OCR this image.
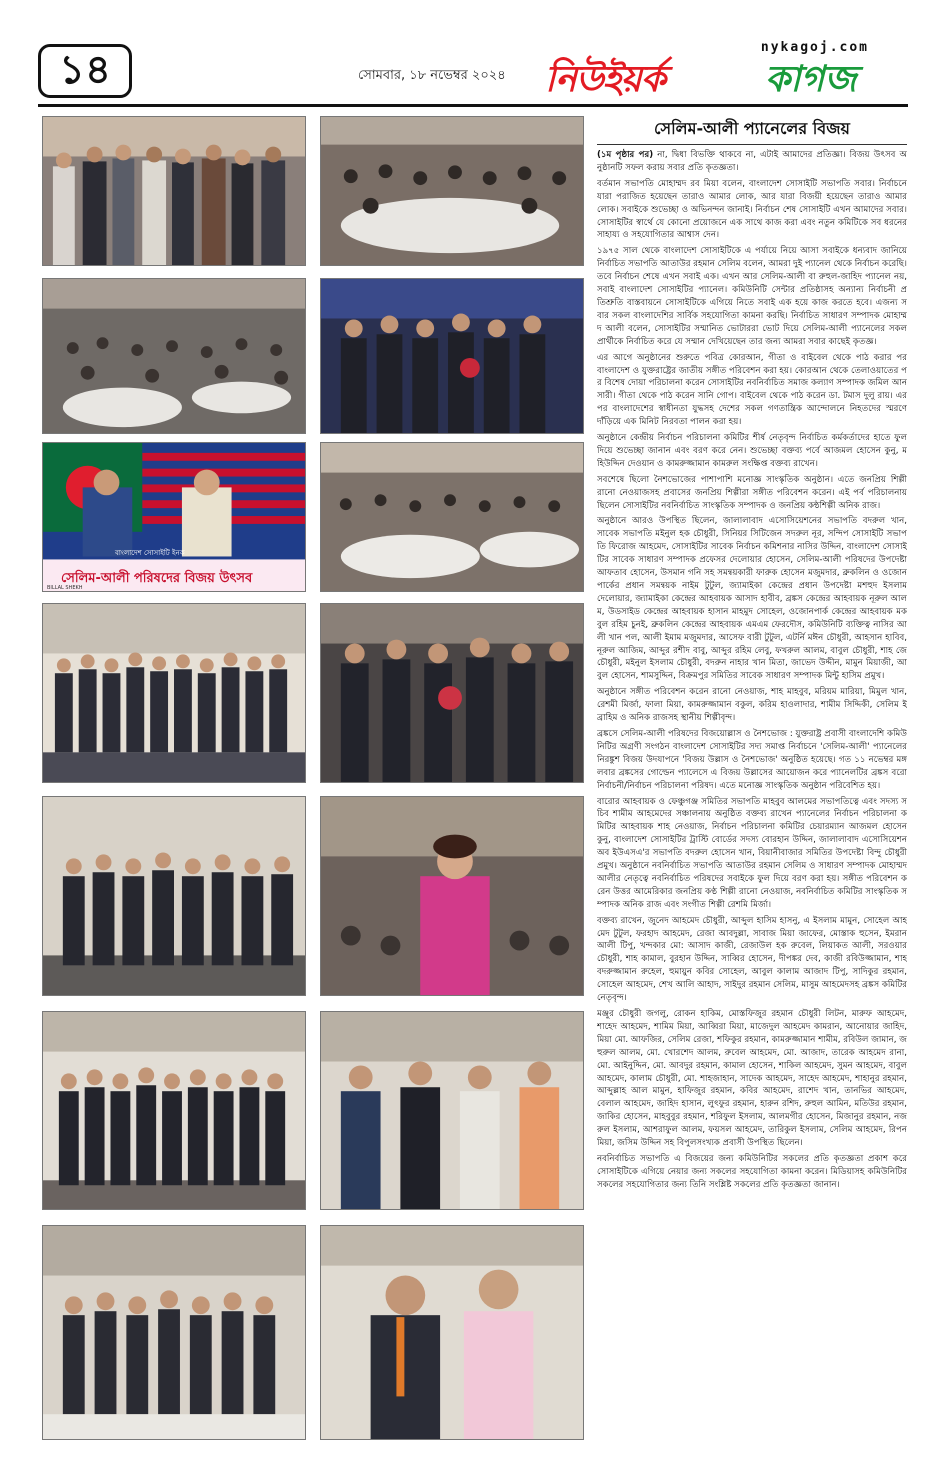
১৪	সোমবার, ১৮ নভেম্বর ২০২৪ নিউইয়র্ক	কাগজ
nykagoj.com
বাংলাদেশ সোসাইটি ইনক
সেলিম-আলী পরিষদের বিজয় উৎসব
BILLAL SHEKH
সেলিম-আলী প্যানেলের বিজয়

(১ম পৃষ্ঠার পর) না, দ্বিধা বিভক্তি থাকবে না, এটাই আমাদের প্রতিজ্ঞা। বিজয় উৎসব অনুষ্ঠানটি সফল করায় সবার প্রতি কৃতজ্ঞতা।

বর্তমান সভাপতি মোহাম্মদ রব মিয়া বলেন, বাংলাদেশ সোসাইটি সভাপতি সবার। নির্বাচনে যারা পরাজিত হয়েছেন তারাও আমার লোক, আর যারা বিজয়ী হয়েছেন তারাও আমার লোক। সবাইকে শুভেচ্ছা ও অভিনন্দন জানাই। নির্বাচন শেষ সোসাইটি এখন আমাদের সবার। সোসাইটির স্বার্থে যে কোনো প্রয়োজনে এক সাথে কাজ করা এবং নতুন কমিটিকে সব ধরনের সাহায্য ও সহযোগিতার আশ্বাস দেন।

১৯৭৫ সাল থেকে বাংলাদেশ সোসাইটিকে এ পর্যায়ে নিয়ে আসা সবাইকে ধন্যবাদ জানিয়ে নির্বাচিত সভাপতি আতাউর রহমান সেলিম বলেন, আমরা দুই প্যানেল থেকে নির্বাচন করেছি। তবে নির্বাচন শেষে এখন সবাই এক। এখন আর সেলিম-আলী বা রুহুল-জাহিদ প্যানেল নয়, সবাই বাংলাদেশ সোসাইটির প্যানেল। কমিউনিটি সেন্টার প্রতিষ্ঠাসহ অন্যান্য নির্বাচনী প্রতিশ্রুতি বাস্তবায়নে সোসাইটিকে এগিয়ে নিতে সবাই এক হয়ে কাজ করতে হবে। এজন্য সবার সকল বাংলাদেশির সার্বিক সহযোগিতা কামনা করছি। নির্বাচিত সাধারণ সম্পাদক মোহাম্মদ আলী বলেন, সোসাইটির সম্মানিত ভোটাররা ভোট দিয়ে সেলিম-আলী প্যানেলের সকল প্রার্থীকে নির্বাচিত করে যে সম্মান দেখিয়েছেন তার জন্য আমরা সবার কাছেই কৃতজ্ঞ।

এর আগে অনুষ্ঠানের শুরুতে পবিত্র কোরআন, গীতা ও বাইবেল থেকে পাঠ করার পর বাংলাদেশ ও যুক্তরাষ্ট্রের জাতীয় সঙ্গীত পরিবেশন করা হয়। কোরআন থেকে তেলাওয়াতের পর বিশেষ দোয়া পরিচালনা করেন সোসাইটির নবনির্বাচিত সমাজ কল্যাণ সম্পাদক জমিল আনসারী। গীতা থেকে পাঠ করেন সানি গোপ। বাইবেল থেকে পাঠ করেন ডা. টমাস দুলু রায়। এরপর বাংলাদেশের স্বাধীনতা যুদ্ধসহ দেশের সকল গণতান্ত্রিক আন্দোলনে নিহতদের স্মরণে দাঁড়িয়ে এক মিনিট নিরবতা পালন করা হয়।

অনুষ্ঠানে কেন্দ্রীয় নির্বাচন পরিচালনা কমিটির শীর্ষ নেতৃবৃন্দ নির্বাচিত কর্মকর্তাদের হাতে ফুল দিয়ে শুভেচ্ছা জানান এবং বরণ করে নেন। শুভেচ্ছা বক্তব্য পর্বে আজমল হোসেন কুনু, মহিউদ্দিন দেওয়ান ও কামরুজ্জামান কামরুল সংক্ষিপ্ত বক্তব্য রাখেন।

সবশেষে ছিলো নৈশভোজের পাশাপাশি মনোজ্ঞ সাংস্কৃতিক অনুষ্ঠান। এতে জনপ্রিয় শিল্পী রানো নেওয়াজসহ প্রবাসের জনপ্রিয় শিল্পীরা সঙ্গীত পরিবেশন করেন। এই পর্ব পরিচালনায় ছিলেন সোসাইটির নবনির্বাচিত সাংস্কৃতিক সম্পাদক ও জনপ্রিয় কন্ঠশিল্পী অনিক রাজ।

অনুষ্ঠানে আরও উপস্থিত ছিলেন, জালালাবাদ এসোসিয়েশনের সভাপতি বদরুল খান, সাবেক সভাপতি মইনুল হক চৌধুরী, সিনিয়র সিটিজেন সদরুল নূর, সন্দিপ সোসাইটি সভাপতি ফিরোজ আহমেদ, সোসাইটির সাবেক নির্বাচন কমিশনার নাসির উদ্দিন, বাংলাদেশ সোসাইটির সাবেক সাধারণ সম্পাদক প্রফেসর দেলোয়ার হোসেন, সেলিম-আলী পরিষদের উপদেষ্টা আফতাব হোসেন, উসমান গনি সহ সমন্বয়কারী ফারুক হোসেন মজুমদার, ব্রুকলিন ও ওজোন পার্কের প্রধান সমন্বয়ক নাইম টুটুল, জ্যামাইকা কেন্দ্রের প্রধান উপদেষ্টা মশহুদ ইসলাম দেলোয়ার, জ্যামাইকা কেন্দ্রের আহবায়ক আসাদ হাবীব, ব্রঙ্কস কেন্দ্রের আহবায়ক নূরুল আলম, উডসাইড কেন্দ্রের আহবায়ক হাসান মাহমুদ সোহেল, ওজোনপার্ক কেন্দ্রের আহবায়ক মকবুল রহিম চুনই, ব্রুকলিন কেন্দ্রের আহবায়ক এমএম ফেরদৌস, কমিউনিটি ব্যক্তিত্ব নাসির আলী খান পল, আলী ইমাম মজুমদার, আসেফ বারী টুটুল, এটর্নি মঈন চৌধুরী, আহসান হাবিব, নূরুল আজিম, আব্দুর রশীদ বাবু, আব্দুর রহিম লেবু, ফখরুল আলম, বাবুল চৌধুরী, শাহ জে চৌধুরী, মইনুল ইসলাম চৌধুরী, বদরুন নাহার খান মিতা, জাভেদ উদ্দীন, মামুন মিয়াজী, আবুল হোসেন, শামসুদ্দিন, বিক্রমপুর সমিতির সাবেক সাধারণ সম্পাদক মিন্টু হাসিম প্রমুখ।

অনুষ্ঠানে সঙ্গীত পরিবেশন করেন রানো নেওয়াজ, শাহ মাহবুব, মরিয়ম মারিয়া, মিমুল খান, রেশমী মির্জা, ফালা মিয়া, কামরুজ্জামান বকুল, করিম হাওলাদার, শামীম সিদ্দিকী, সেলিম ইব্রাহিম ও অনিক রাজসহ স্থানীয় শিল্পীবৃন্দ।

ব্রঙ্কসে সেলিম-আলী পরিষদের বিজয়োল্লাস ও নৈশভোজ : যুক্তরাষ্ট্র প্রবাসী বাংলাদেশি কমিউনিটির অগ্রণী সংগঠন বাংলাদেশ সোসাইটির সদ্য সমাপ্ত নির্বাচনে 'সেলিম-আলী' প্যানেলের নিরঙ্কুশ বিজয় উদযাপনে 'বিজয় উল্লাস ও নৈশভোজ' অনুষ্ঠিত হয়েছে। গত ১১ নভেম্বর মঙ্গলবার ব্রঙ্কসের গোল্ডেন প্যালেসে এ বিজয় উল্লাসের আয়োজন করে প্যানেলটির ব্রঙ্কস বরো নির্বাচনী/নির্বাচন পরিচালনা পরিষদ। এতে মনোজ্ঞ সাংস্কৃতিক অনুষ্ঠান পরিবেশিত হয়।

বারোর আহবায়ক ও ফেঞ্চুগঞ্জ সমিতির সভাপতি মাহবুব আলমের সভাপতিত্বে এবং সদস্য সচিব শামীম আহমেদের সঞ্চালনায় অনুষ্ঠিত বক্তব্য রাখেন প্যানেলের নির্বাচন পরিচালনা কমিটির আহবায়ক শাহ নেওয়াজ, নির্বাচন পরিচালনা কমিটির চেয়ারম্যান আজমল হোসেন কুনু, বাংলাদেশ সোসাইটির ট্রাস্টি বোর্ডের সদস্য বোরহান উদ্দিন, জালালাবাদ এসোসিয়েশন অব ইউএসএ'র সভাপতি বদরুল হোসেন খান, বিয়ানীবাজার সমিতির উপদেষ্টা বিন্দু চৌধুরী প্রমুখ। অনুষ্ঠানে নবনির্বাচিত সভাপতি আতাউর রহমান সেলিম ও সাধারণ সম্পাদক মোহাম্মদ আলীর নেতৃত্বে নবনির্বাচিত পরিষদের সবাইকে ফুল দিয়ে বরণ করা হয়। সঙ্গীত পরিবেশন করেন উত্তর আমেরিকার জনপ্রিয় কণ্ঠ শিল্পী রানো নেওয়াজ, নবনির্বাচিত কমিটির সাংস্কৃতিক সম্পাদক অনিক রাজ এবং সংগীত শিল্পী রেশমি মির্জা।

বক্তব্য রাখেন, জুনেদ আহমেদ চৌধুরী, আব্দুল হাসিম হাসনু, এ ইসলাম মামুন, সোহেল আহমেদ টুটুল, ফরহাদ আহমেদ, রেজা আবদুল্লা, সাবাজ মিয়া জাফের, মোস্তাক হুসেন, ইমরান আলী টিপু, খন্দকার মো: আসাদ কাজী, রেজাউল হক রুবেল, লিয়াকত আলী, সরওয়ার চৌধুরী, শাহ কামাল, বুরহান উদ্দিন, সাব্বির হোসেন, দীপঙ্কর দেব, কাজী রবিউজ্জামান, শাহ বদরুজ্জামান রুহেল, হুমায়ুন কবির সোহেল, আবুল কালাম আজাদ টিপু, সাদিকুর রহমান, সোহেল আহমেদ, শেখ আলি আহাদ, সাইদুর রহমান সেলিম, মাসুম আহমেদসহ ব্রঙ্কস কমিটির নেতৃবৃন্দ।

মঞ্জুর চৌধুরী জগলু, রোকন হাকিম, মোস্তফিজুর রহমান চৌধুরী লিটন, মারুফ আহমেদ, শাহেদ আহমেদ, শামিম মিয়া, আব্বিরা মিয়া, মাজেদুল আহমেদ কামরান, আনোয়ার জাহিদ, মিয়া মো. আফজির, সেলিম রেজা, শফিকুর রহমান, কামরুজ্জামান শামীম, রবিউল জামান, জহুরুল আলম, মো. খোরশেদ আলম, রুবেল আহমেদ, মো. আজাদ, তারেক আহমেদ রানা, মো. আইনুদ্দিন, মো. আবদুর রহমান, কামাল হোসেন, শাকিল আহমেদ, সুমন আহমেদ, বাবুল আহমেদ, কালাম চৌধুরী, মো. শাহজাহান, সাদেক আহমেদ, সাহেদ আহমেদ, শাহানুর রহমান, আব্দুল্লাহ আল মামুন, হাফিজুর রহমান, কবির আহমেদ, রাশেদ খান, তানভির আহমেদ, বেলাল আহমেদ, জাহিদ হাসান, লুৎফুর রহমান, হারুন রশিদ, রুহুল আমিন, মতিউর রহমান, জাকির হোসেন, মাহবুবুর রহমান, শরিফুল ইসলাম, আলমগীর হোসেন, মিজানুর রহমান, নজরুল ইসলাম, আশরাফুল আলম, ফয়সল আহমেদ, তারিকুল ইসলাম, সেলিম আহমেদ, রিপন মিয়া, জসিম উদ্দিন সহ বিপুলসংখ্যক প্রবাসী উপস্থিত ছিলেন।

নবনির্বাচিত সভাপতি এ বিজয়ের জন্য কমিউনিটির সকলের প্রতি কৃতজ্ঞতা প্রকাশ করে সোসাইটিকে এগিয়ে নেয়ার জন্য সকলের সহযোগিতা কামনা করেন। মিডিয়াসহ কমিউনিটির সকলের সহযোগিতার জন্য তিনি সংশ্লিষ্ট সকলের প্রতি কৃতজ্ঞতা জানান।
